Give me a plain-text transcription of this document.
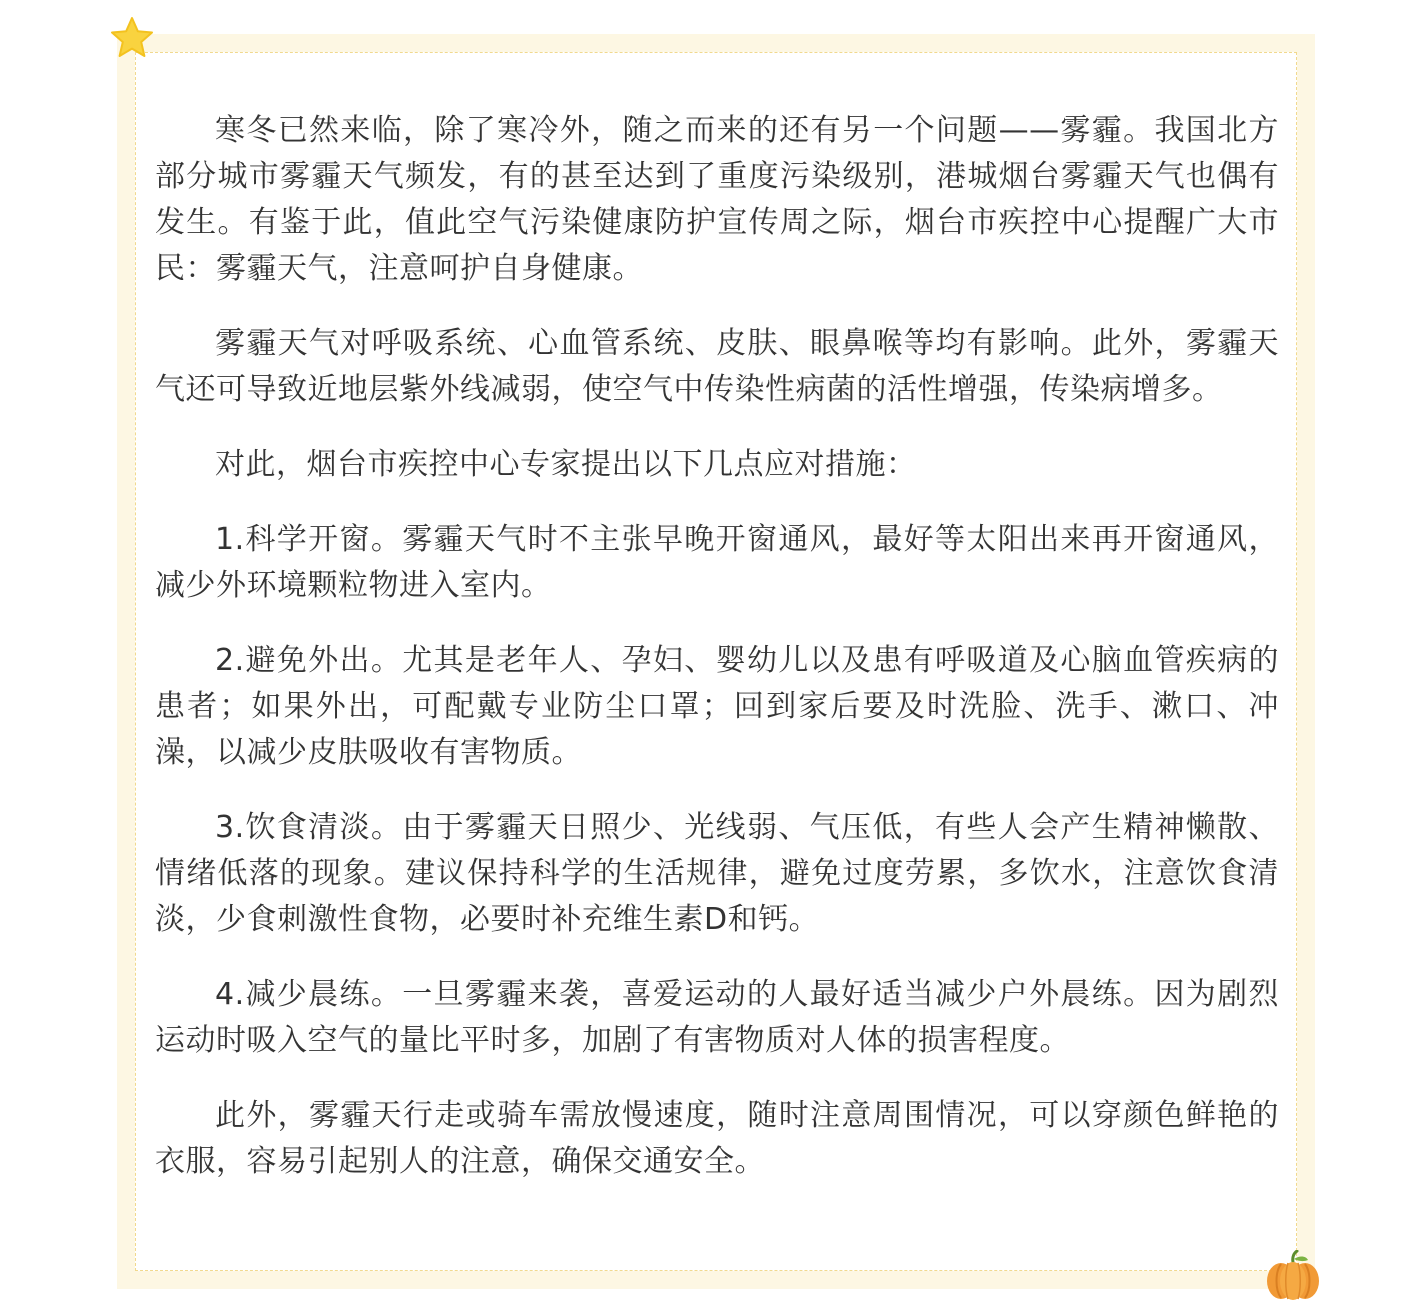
寒冬已然来临，除了寒冷外，随之而来的还有另一个问题——雾霾。我国北方部分城市雾霾天气频发，有的甚至达到了重度污染级别，港城烟台雾霾天气也偶有发生。有鉴于此，值此空气污染健康防护宣传周之际，烟台市疾控中心提醒广大市民：雾霾天气，注意呵护自身健康。

雾霾天气对呼吸系统、心血管系统、皮肤、眼鼻喉等均有影响。此外，雾霾天气还可导致近地层紫外线减弱，使空气中传染性病菌的活性增强，传染病增多。

对此，烟台市疾控中心专家提出以下几点应对措施：

1.科学开窗。雾霾天气时不主张早晚开窗通风，最好等太阳出来再开窗通风，减少外环境颗粒物进入室内。

2.避免外出。尤其是老年人、孕妇、婴幼儿以及患有呼吸道及心脑血管疾病的患者；如果外出，可配戴专业防尘口罩；回到家后要及时洗脸、洗手、漱口、冲澡，以减少皮肤吸收有害物质。

3.饮食清淡。由于雾霾天日照少、光线弱、气压低，有些人会产生精神懒散、情绪低落的现象。建议保持科学的生活规律，避免过度劳累，多饮水，注意饮食清淡，少食刺激性食物，必要时补充维生素D和钙。

4.减少晨练。一旦雾霾来袭，喜爱运动的人最好适当减少户外晨练。因为剧烈运动时吸入空气的量比平时多，加剧了有害物质对人体的损害程度。

此外，雾霾天行走或骑车需放慢速度，随时注意周围情况，可以穿颜色鲜艳的衣服，容易引起别人的注意，确保交通安全。
